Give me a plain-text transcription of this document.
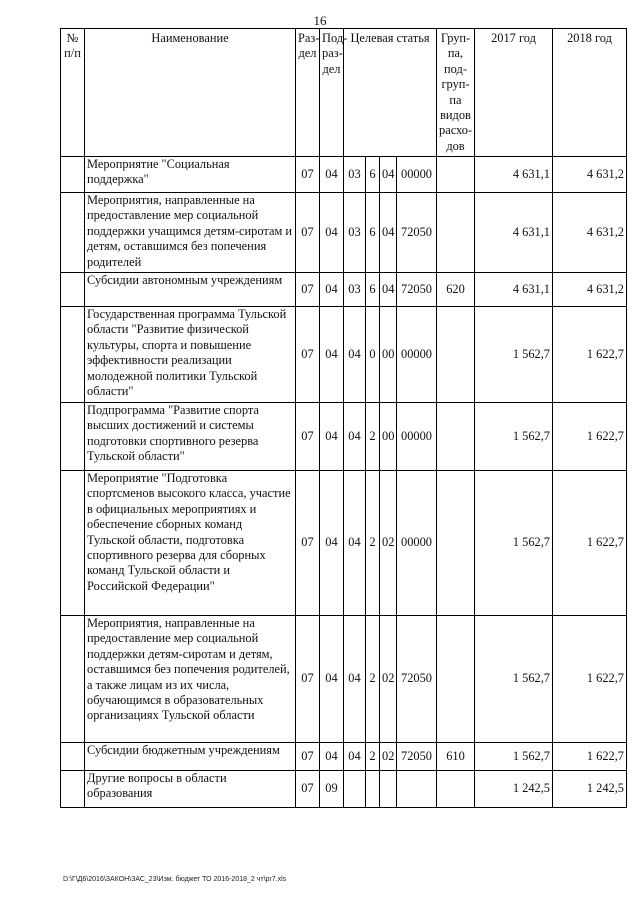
16
№ п/п	Наименование	Раз-дел	Под-раз-дел	Целевая статья				Груп-па, под-груп-па видов расхо-дов	2017 год	2018 год
	Мероприятие "Социальная поддержка"	07	04	03	6	04	00000		4 631,1	4 631,2
	Мероприятия, направленные на предоставление мер социальной поддержки учащимся детям-сиротам и детям, оставшимся без попечения родителей	07	04	03	6	04	72050		4 631,1	4 631,2
	Субсидии автономным учреждениям	07	04	03	6	04	72050	620	4 631,1	4 631,2
	Государственная программа Тульской области "Развитие физической культуры, спорта и повышение эффективности реализации молодежной политики Тульской области"	07	04	04	0	00	00000		1 562,7	1 622,7
	Подпрограмма "Развитие спорта высших достижений и системы подготовки спортивного резерва Тульской области"	07	04	04	2	00	00000		1 562,7	1 622,7
	Мероприятие "Подготовка спортсменов высокого класса, участие в официальных мероприятиях и обеспечение сборных команд Тульской области, подготовка спортивного резерва для сборных команд Тульской области и Российской Федерации"	07	04	04	2	02	00000		1 562,7	1 622,7
	Мероприятия, направленные на предоставление мер социальной поддержки детям-сиротам и детям, оставшимся без попечения родителей, а также лицам из их числа, обучающимся в образовательных организациях Тульской области	07	04	04	2	02	72050		1 562,7	1 622,7
	Субсидии бюджетным учреждениям	07	04	04	2	02	72050	610	1 562,7	1 622,7
	Другие вопросы в области образования	07	09						1 242,5	1 242,5
D:\Г\Д6\2016\ЗАКОН\ЗАС_23\Изм. бюджет ТО 2016-2018_2 чт\pr7.xls
